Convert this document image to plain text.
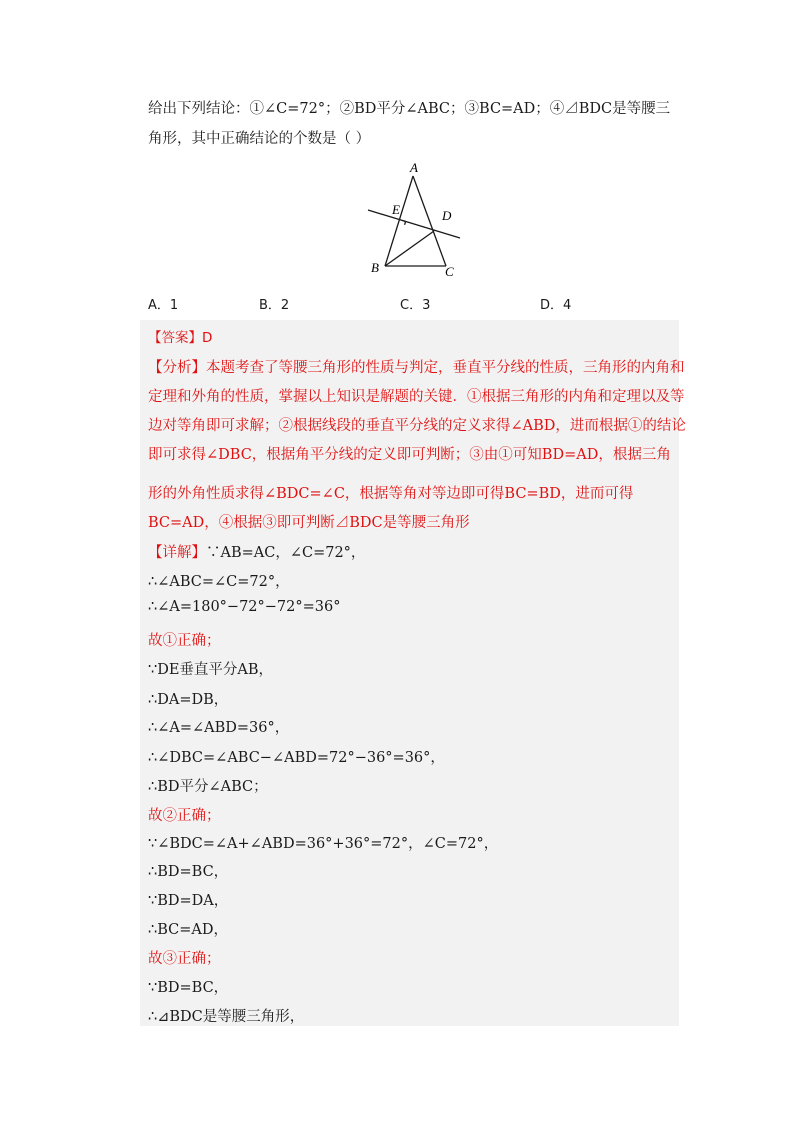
给出下列结论：①∠C=72°；②BD平分∠ABC；③BC=AD；④⊿BDC是等腰三
角形，其中正确结论的个数是（ ）
A
E	D
B	C
A．1	B．2	C．3	D．4
【答案】D
【分析】本题考查了等腰三角形的性质与判定，垂直平分线的性质，三角形的内角和
定理和外角的性质，掌握以上知识是解题的关键．①根据三角形的内角和定理以及等
边对等角即可求解；②根据线段的垂直平分线的定义求得∠ABD，进而根据①的结论
即可求得∠DBC，根据角平分线的定义即可判断；③由①可知BD=AD，根据三角
形的外角性质求得∠BDC=∠C，根据等角对等边即可得BC=BD，进而可得
BC=AD，④根据③即可判断⊿BDC是等腰三角形
【详解】∵AB=AC，∠C=72°，
∴∠ABC=∠C=72°，
∴∠A=180°−72°−72°=36°
故①正确；
∵DE垂直平分AB，
∴DA=DB，
∴∠A=∠ABD=36°，
∴∠DBC=∠ABC−∠ABD=72°−36°=36°，
∴BD平分∠ABC；
故②正确；
∵∠BDC=∠A+∠ABD=36°+36°=72°，∠C=72°，
∴BD=BC，
∵BD=DA，
∴BC=AD，
故③正确；
∵BD=BC，
∴⊿BDC是等腰三角形，
